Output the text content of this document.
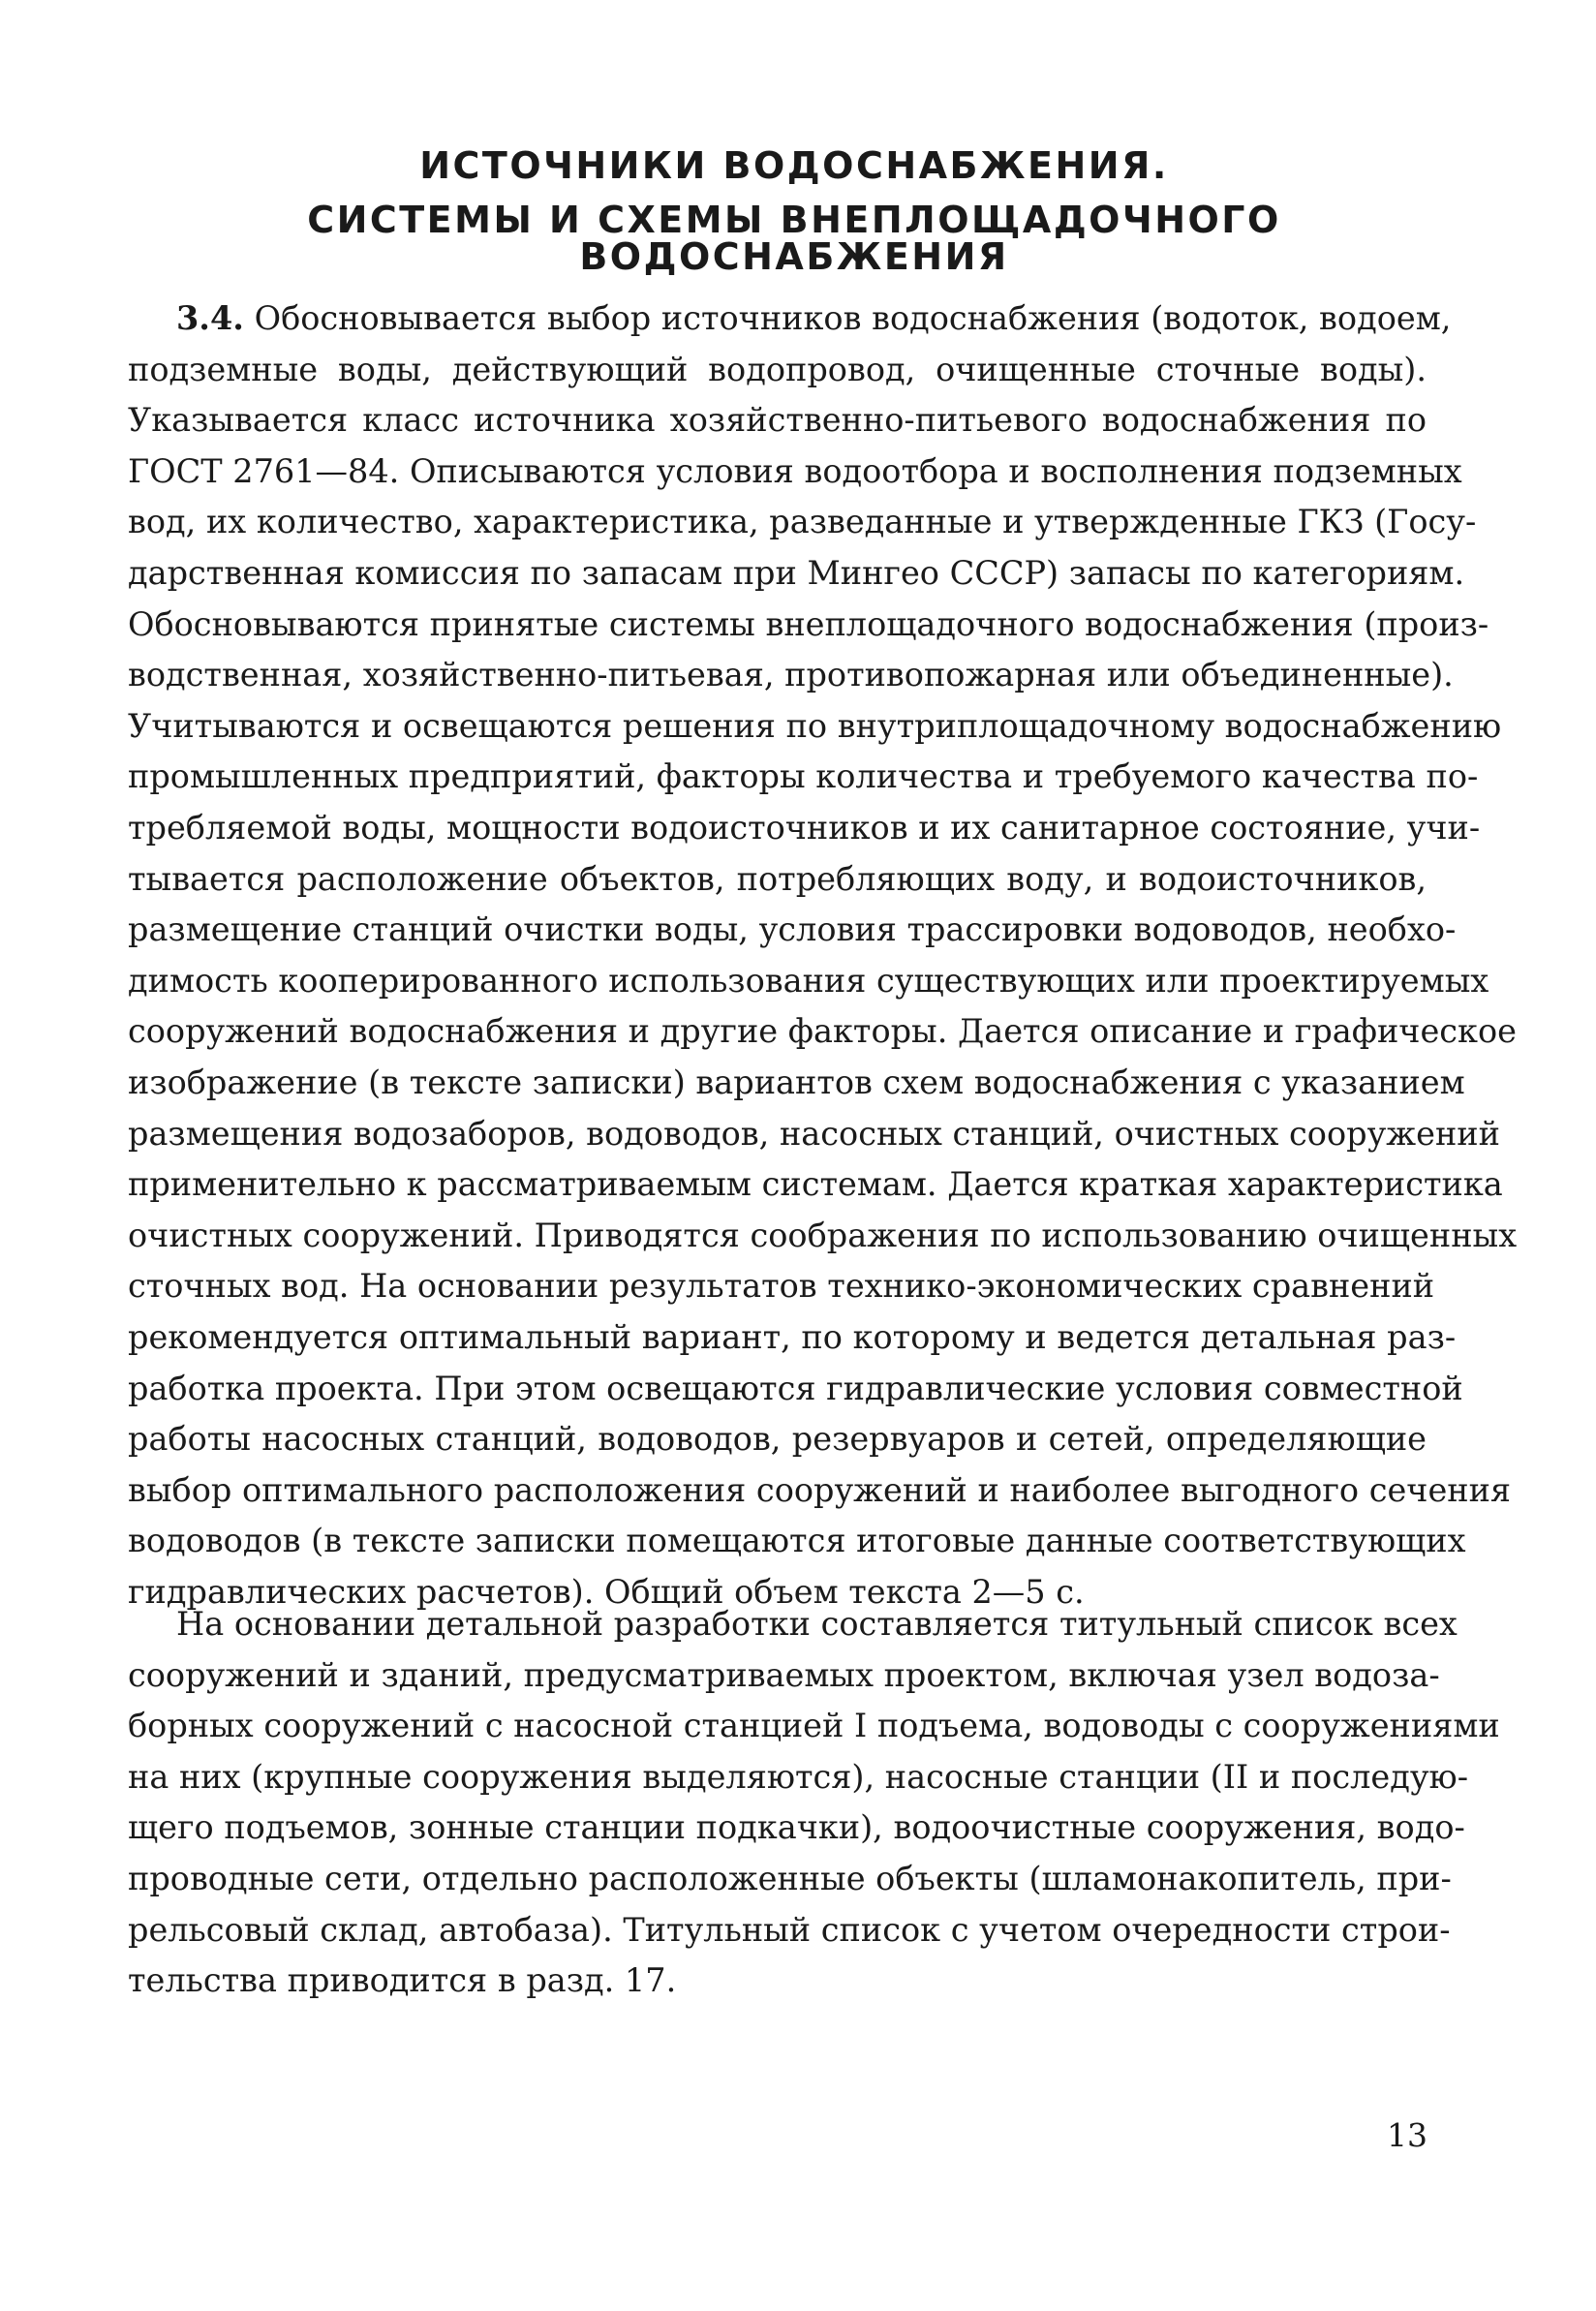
ИСТОЧНИКИ ВОДОСНАБЖЕНИЯ.
СИСТЕМЫ И СХЕМЫ ВНЕПЛОЩАДОЧНОГО ВОДОСНАБЖЕНИЯ

3.4. Обосновывается выбор источников водоснабжения (водоток, водоем,

подземные воды, действующий водопровод, очищенные сточные воды).

Указывается класс источника хозяйственно-питьевого водоснабжения по

ГОСТ 2761—84. Описываются условия водоотбора и восполнения подземных

вод, их количество, характеристика, разведанные и утвержденные ГКЗ (Госу-

дарственная комиссия по запасам при Мингео СССР) запасы по категориям.

Обосновываются принятые системы внеплощадочного водоснабжения (произ-

водственная, хозяйственно-питьевая, противопожарная или объединенные).

Учитываются и освещаются решения по внутриплощадочному водоснабжению

промышленных предприятий, факторы количества и требуемого качества по-

требляемой воды, мощности водоисточников и их санитарное состояние, учи-

тывается расположение объектов, потребляющих воду, и водоисточников,

размещение станций очистки воды, условия трассировки водоводов, необхо-

димость кооперированного использования существующих или проектируемых

сооружений водоснабжения и другие факторы. Дается описание и графическое

изображение (в тексте записки) вариантов схем водоснабжения с указанием

размещения водозаборов, водоводов, насосных станций, очистных сооружений

применительно к рассматриваемым системам. Дается краткая характеристика

очистных сооружений. Приводятся соображения по использованию очищенных

сточных вод. На основании результатов технико-экономических сравнений

рекомендуется оптимальный вариант, по которому и ведется детальная раз-

работка проекта. При этом освещаются гидравлические условия совместной

работы насосных станций, водоводов, резервуаров и сетей, определяющие

выбор оптимального расположения сооружений и наиболее выгодного сечения

водоводов (в тексте записки помещаются итоговые данные соответствующих

гидравлических расчетов). Общий объем текста 2—5 с.

На основании детальной разработки составляется титульный список всех

сооружений и зданий, предусматриваемых проектом, включая узел водоза-

борных сооружений с насосной станцией I подъема, водоводы с сооружениями

на них (крупные сооружения выделяются), насосные станции (II и последую-

щего подъемов, зонные станции подкачки), водоочистные сооружения, водо-

проводные сети, отдельно расположенные объекты (шламонакопитель, при-

рельсовый склад, автобаза). Титульный список с учетом очередности строи-

тельства приводится в разд. 17.

13
